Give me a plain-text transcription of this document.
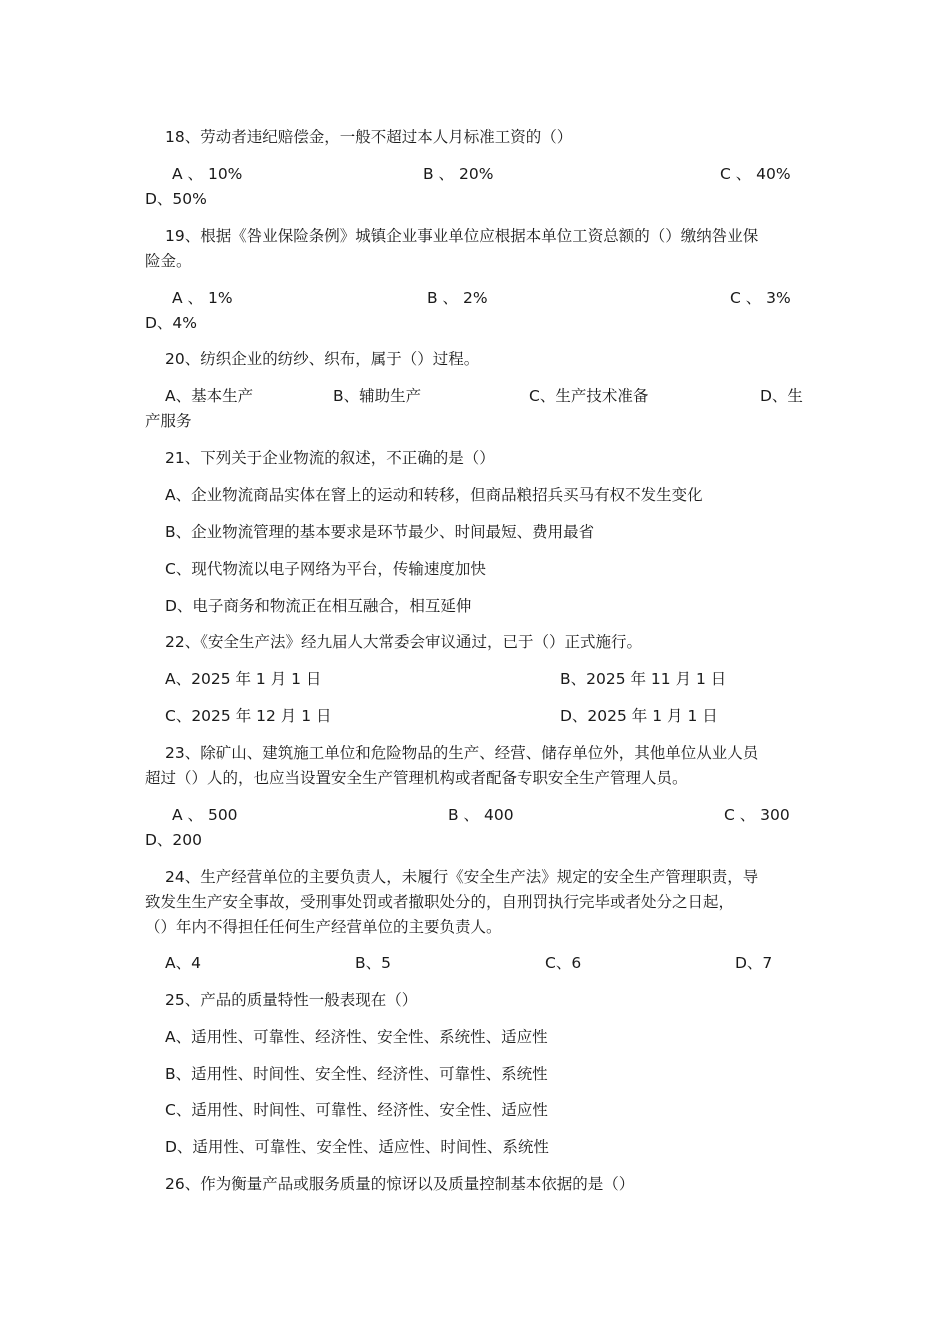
18、劳动者违纪赔偿金，一般不超过本人月标准工资的（）
A 、 10%	B 、 20%	C 、 40%
D、50%
19、根据《咎业保险条例》城镇企业事业单位应根据本单位工资总额的（）缴纳咎业保
险金。
A 、 1%	B 、 2%	C 、 3%
D、4%
20、纺织企业的纺纱、织布，属于（）过程。
A、基本生产	B、辅助生产	C、生产技术准备	D、生
产服务
21、下列关于企业物流的叙述，不正确的是（）
A、企业物流商品实体在窨上的运动和转移，但商品粮招兵买马有权不发生变化
B、企业物流管理的基本要求是环节最少、时间最短、费用最省
C、现代物流以电子网络为平台，传输速度加快
D、电子商务和物流正在相互融合，相互延伸
22、《安全生产法》经九届人大常委会审议通过，已于（）正式施行。
A、2025 年 1 月 1 日	B、2025 年 11 月 1 日
C、2025 年 12 月 1 日	D、2025 年 1 月 1 日
23、除矿山、建筑施工单位和危险物品的生产、经营、储存单位外，其他单位从业人员
超过（）人的，也应当设置安全生产管理机构或者配备专职安全生产管理人员。
A 、 500	B 、 400	C 、 300
D、200
24、生产经营单位的主要负责人，未履行《安全生产法》规定的安全生产管理职责，导
致发生生产安全事故，受刑事处罚或者撤职处分的，自刑罚执行完毕或者处分之日起，
（）年内不得担任任何生产经营单位的主要负责人。
A、4	B、5	C、6	D、7
25、产品的质量特性一般表现在（）
A、适用性、可靠性、经济性、安全性、系统性、适应性
B、适用性、时间性、安全性、经济性、可靠性、系统性
C、适用性、时间性、可靠性、经济性、安全性、适应性
D、适用性、可靠性、安全性、适应性、时间性、系统性
26、作为衡量产品或服务质量的惊讶以及质量控制基本依据的是（）
